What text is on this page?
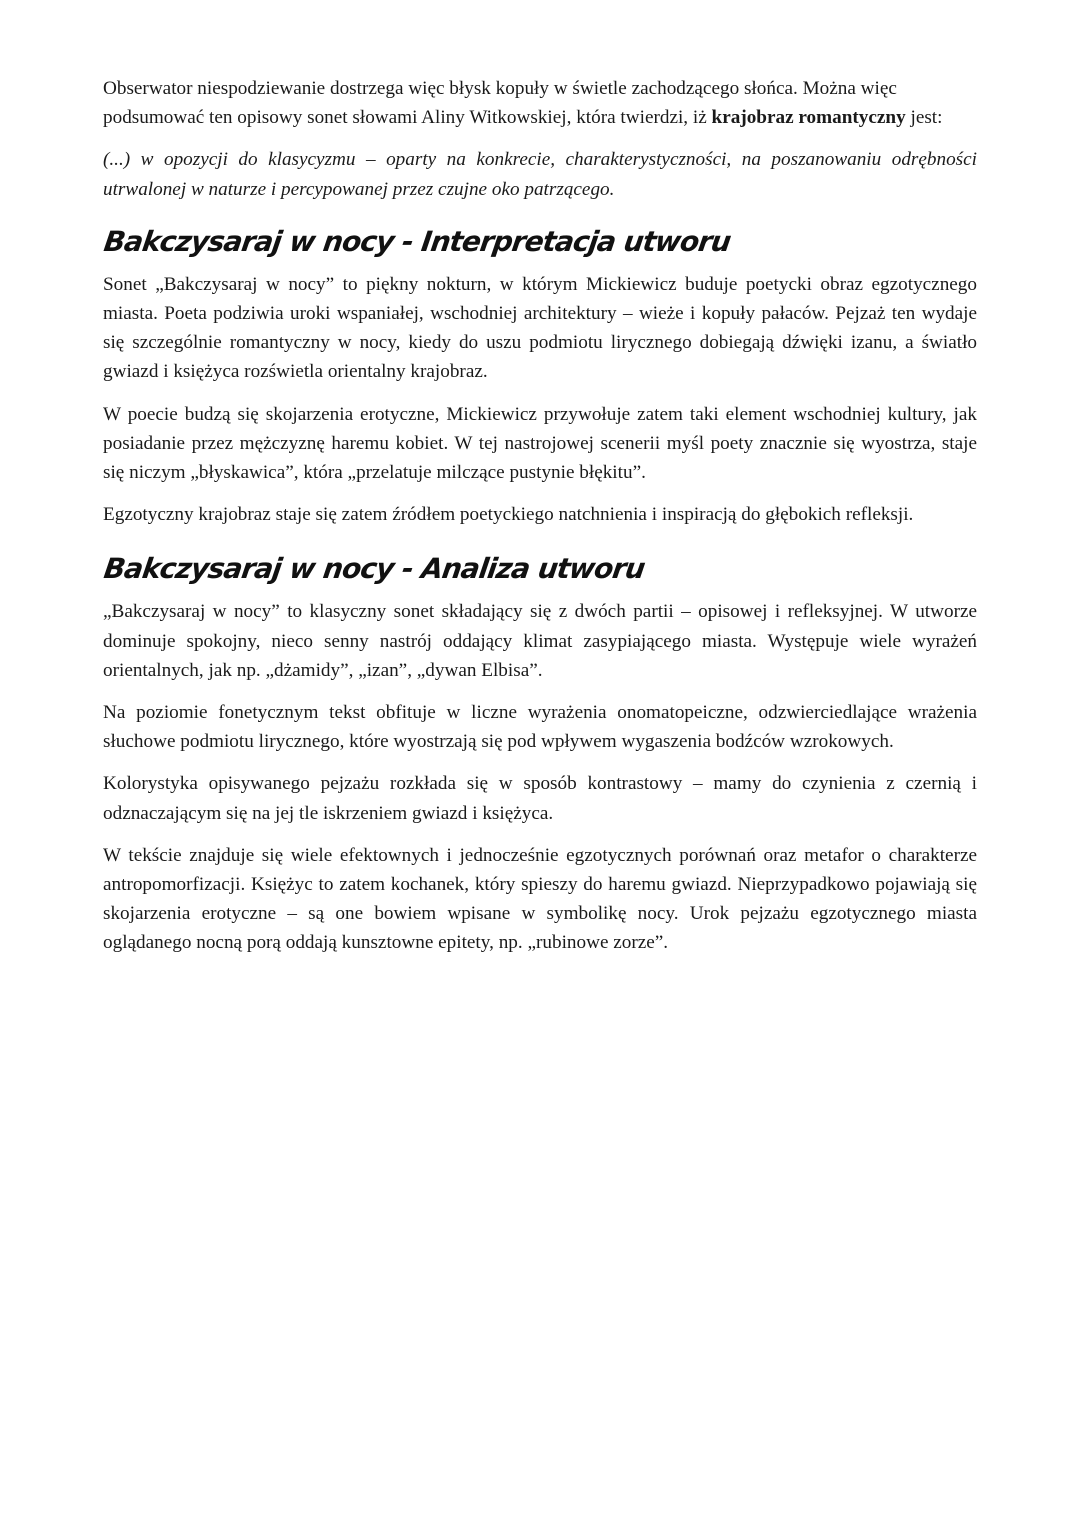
Obserwator niespodziewanie dostrzega więc błysk kopuły w świetle zachodzącego słońca. Można więc podsumować ten opisowy sonet słowami Aliny Witkowskiej, która twierdzi, iż krajobraz romantyczny jest:

(...) w opozycji do klasycyzmu – oparty na konkrecie, charakterystyczności, na poszanowaniu odrębności utrwalonej w naturze i percypowanej przez czujne oko patrzącego.

Bakczysaraj w nocy - Interpretacja utworu

Sonet „Bakczysaraj w nocy” to piękny nokturn, w którym Mickiewicz buduje poetycki obraz egzotycznego miasta. Poeta podziwia uroki wspaniałej, wschodniej architektury – wieże i kopuły pałaców. Pejzaż ten wydaje się szczególnie romantyczny w nocy, kiedy do uszu podmiotu lirycznego dobiegają dźwięki izanu, a światło gwiazd i księżyca rozświetla orientalny krajobraz.

W poecie budzą się skojarzenia erotyczne, Mickiewicz przywołuje zatem taki element wschodniej kultury, jak posiadanie przez mężczyznę haremu kobiet. W tej nastrojowej scenerii myśl poety znacznie się wyostrza, staje się niczym „błyskawica”, która „przelatuje milczące pustynie błękitu”.

Egzotyczny krajobraz staje się zatem źródłem poetyckiego natchnienia i inspiracją do głębokich refleksji.

Bakczysaraj w nocy - Analiza utworu

„Bakczysaraj w nocy” to klasyczny sonet składający się z dwóch partii – opisowej i refleksyjnej. W utworze dominuje spokojny, nieco senny nastrój oddający klimat zasypiającego miasta. Występuje wiele wyrażeń orientalnych, jak np. „dżamidy”, „izan”, „dywan Elbisa”.

Na poziomie fonetycznym tekst obfituje w liczne wyrażenia onomatopeiczne, odzwierciedlające wrażenia słuchowe podmiotu lirycznego, które wyostrzają się pod wpływem wygaszenia bodźców wzrokowych.

Kolorystyka opisywanego pejzażu rozkłada się w sposób kontrastowy – mamy do czynienia z czernią i odznaczającym się na jej tle iskrzeniem gwiazd i księżyca.

W tekście znajduje się wiele efektownych i jednocześnie egzotycznych porównań oraz metafor o charakterze antropomorfizacji. Księżyc to zatem kochanek, który spieszy do haremu gwiazd. Nieprzypadkowo pojawiają się skojarzenia erotyczne – są one bowiem wpisane w symbolikę nocy. Urok pejzażu egzotycznego miasta oglądanego nocną porą oddają kunsztowne epitety, np. „rubinowe zorze”.
